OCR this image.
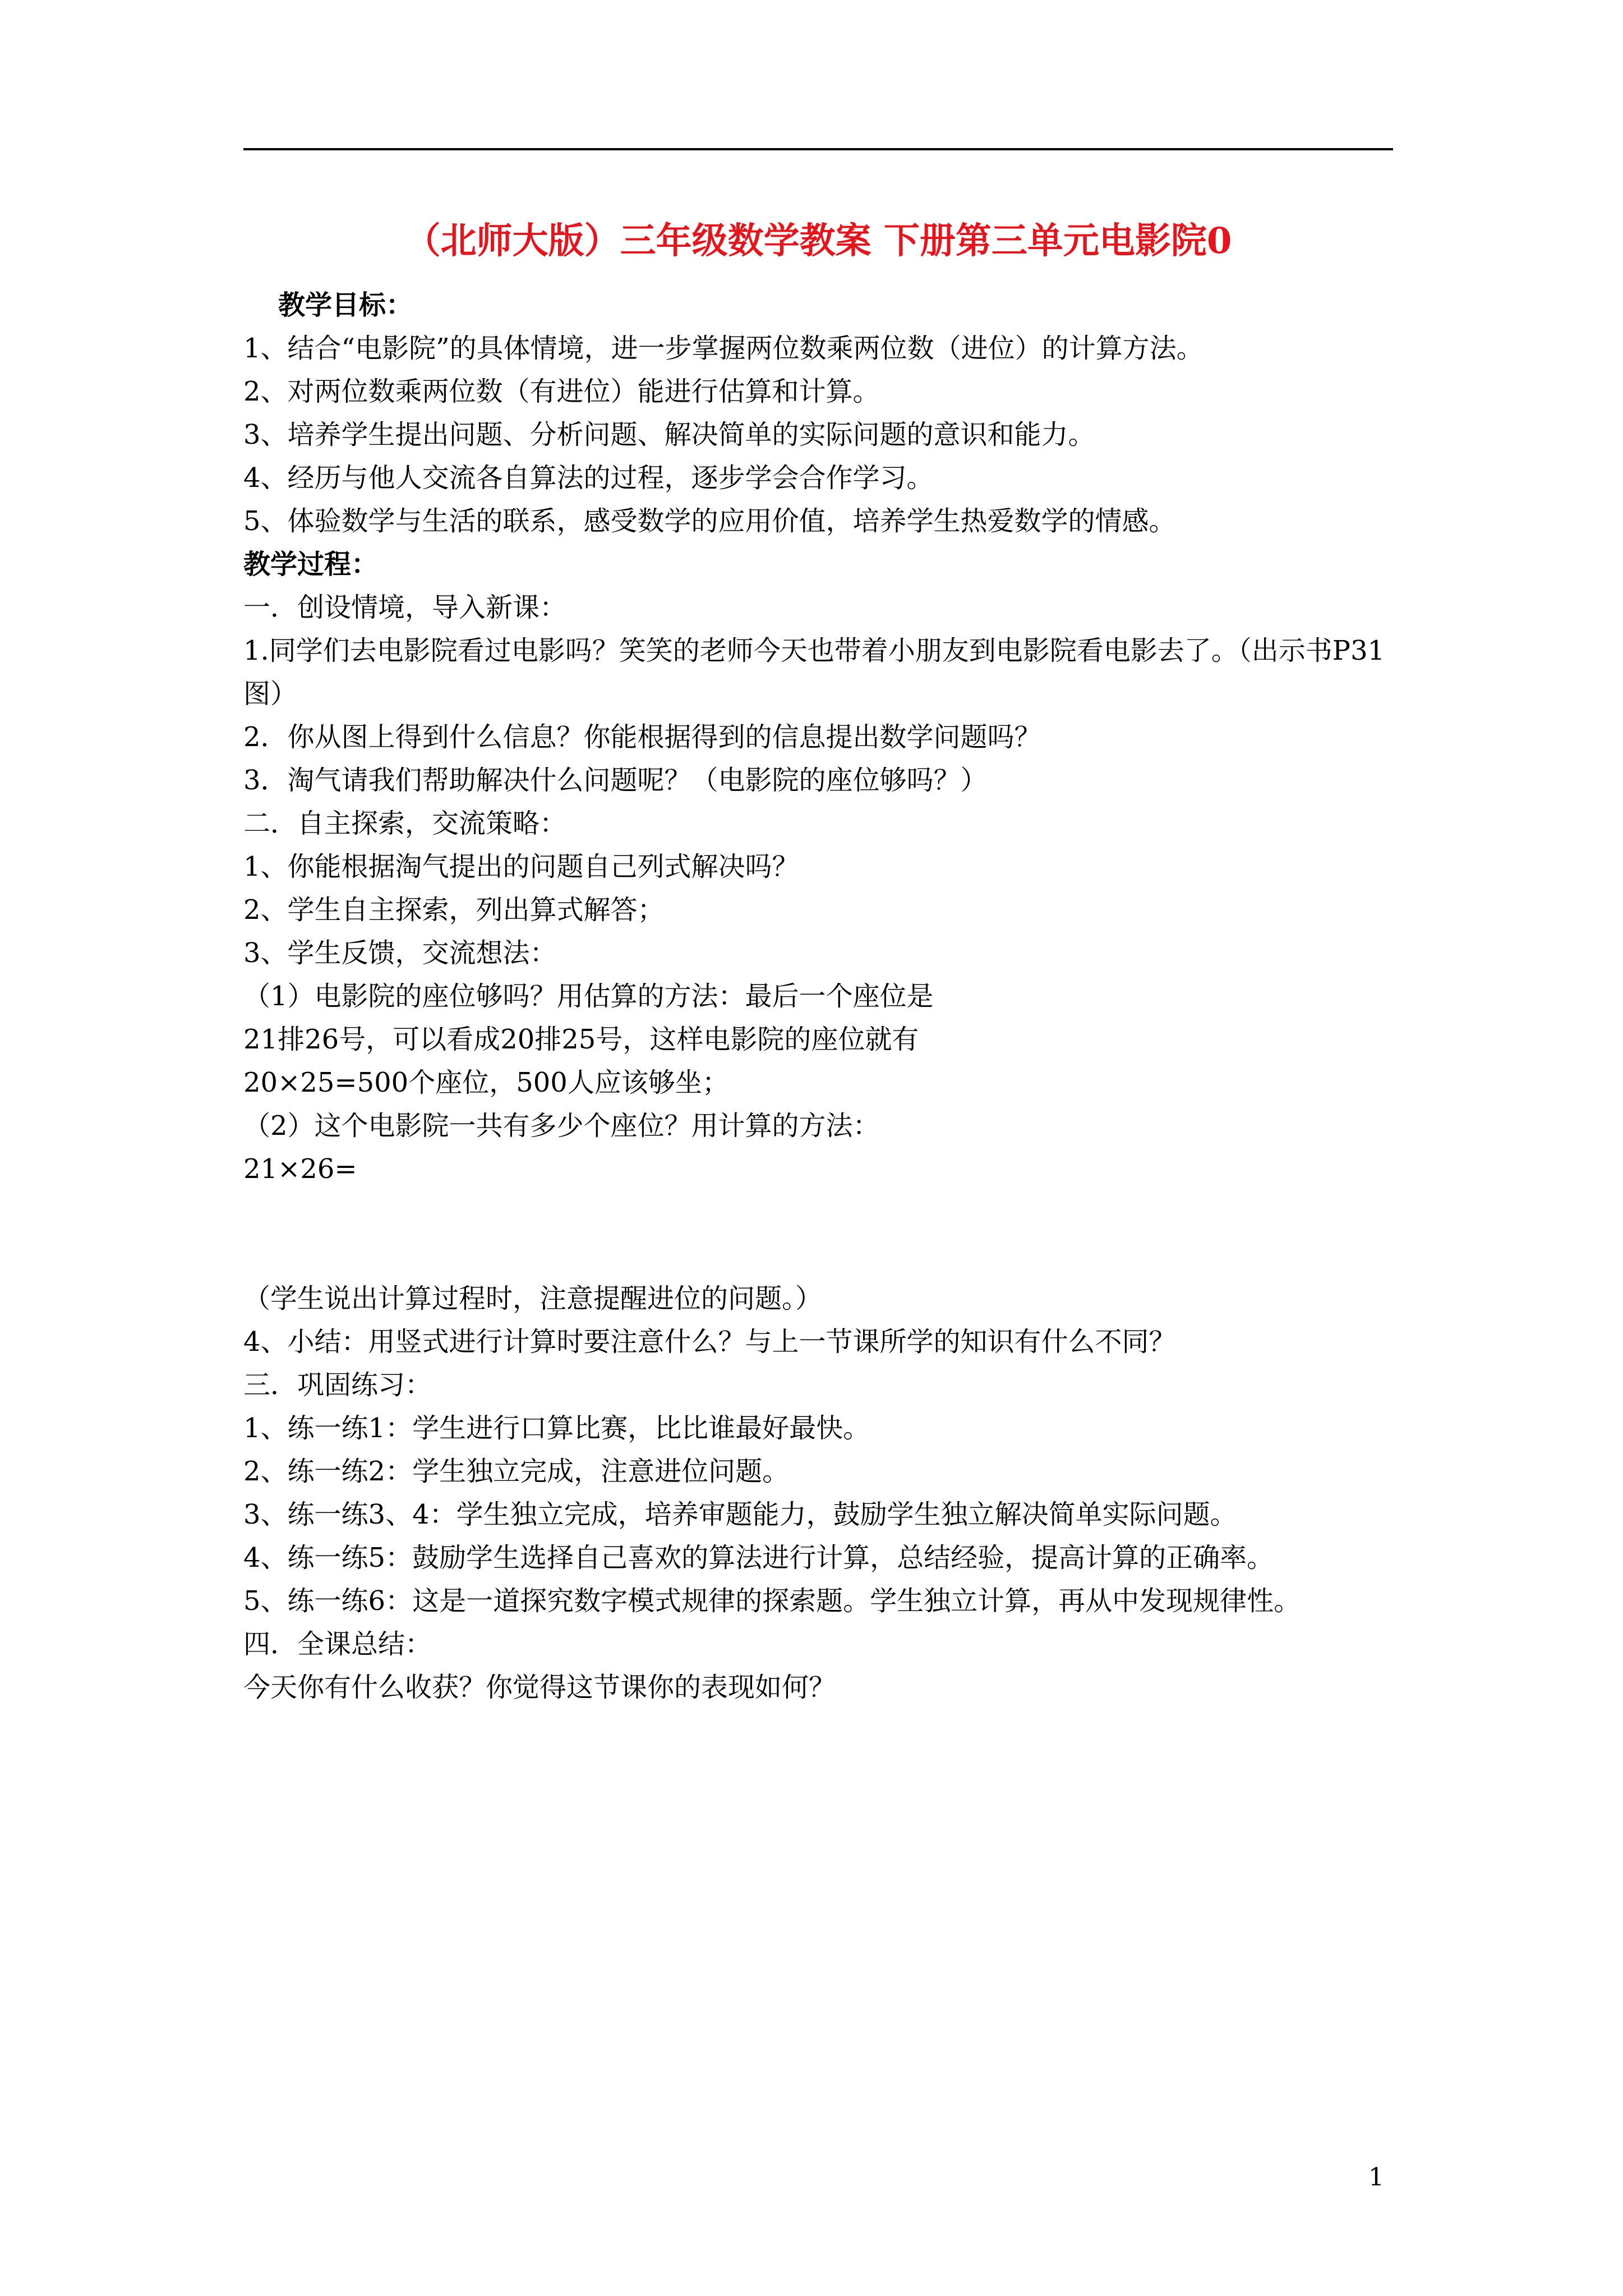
（北师大版）三年级数学教案 下册第三单元电影院0
教学目标：
1、结合“电影院”的具体情境，进一步掌握两位数乘两位数（进位）的计算方法。
2、对两位数乘两位数（有进位）能进行估算和计算。
3、培养学生提出问题、分析问题、解决简单的实际问题的意识和能力。
4、经历与他人交流各自算法的过程，逐步学会合作学习。
5、体验数学与生活的联系，感受数学的应用价值，培养学生热爱数学的情感。
教学过程：
一．创设情境，导入新课：
1.同学们去电影院看过电影吗？笑笑的老师今天也带着小朋友到电影院看电影去了。（出示书P31图）
2．你从图上得到什么信息？你能根据得到的信息提出数学问题吗？
3．淘气请我们帮助解决什么问题呢？（电影院的座位够吗？）
二．自主探索，交流策略：
1、你能根据淘气提出的问题自己列式解决吗？
2、学生自主探索，列出算式解答；
3、学生反馈，交流想法：
（1）电影院的座位够吗？用估算的方法：最后一个座位是
21排26号，可以看成20排25号，这样电影院的座位就有
20×25=500个座位，500人应该够坐；
（2）这个电影院一共有多少个座位？用计算的方法：
21×26=
（学生说出计算过程时，注意提醒进位的问题。）
4、小结：用竖式进行计算时要注意什么？与上一节课所学的知识有什么不同？
三．巩固练习：
1、练一练1：学生进行口算比赛，比比谁最好最快。
2、练一练2：学生独立完成，注意进位问题。
3、练一练3、4：学生独立完成，培养审题能力，鼓励学生独立解决简单实际问题。
4、练一练5：鼓励学生选择自己喜欢的算法进行计算，总结经验，提高计算的正确率。
5、练一练6：这是一道探究数字模式规律的探索题。学生独立计算，再从中发现规律性。
四．全课总结：
今天你有什么收获？你觉得这节课你的表现如何？
1
